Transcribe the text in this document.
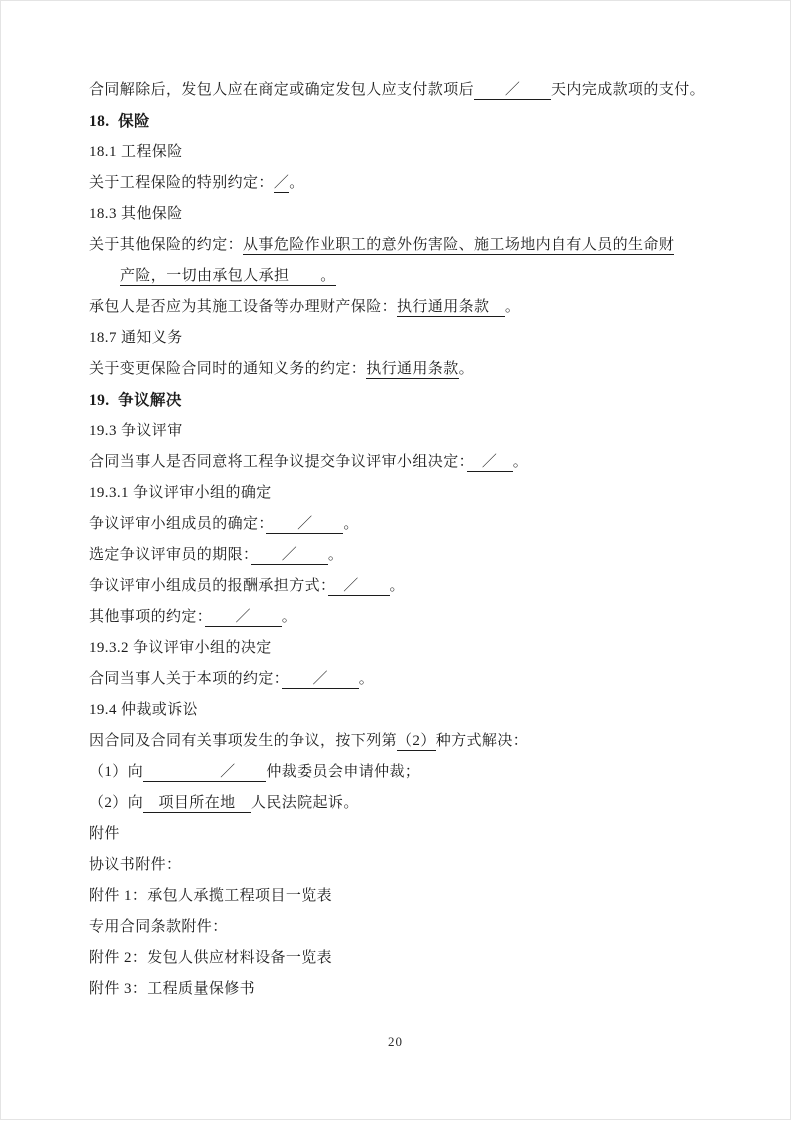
合同解除后，发包人应在商定或确定发包人应支付款项后　　／　　天内完成款项的支付。
18.  保险
18.1 工程保险
关于工程保险的特别约定：／。
18.3 其他保险
关于其他保险的约定：从事危险作业职工的意外伤害险、施工场地内自有人员的生命财
产险，一切由承包人承担　　。
承包人是否应为其施工设备等办理财产保险：执行通用条款　。
18.7 通知义务
关于变更保险合同时的通知义务的约定：执行通用条款。
19.  争议解决
19.3 争议评审
合同当事人是否同意将工程争议提交争议评审小组决定：　／　。
19.3.1 争议评审小组的确定
争议评审小组成员的确定：　　／　　。
选定争议评审员的期限：　　／　　。
争议评审小组成员的报酬承担方式：　／　　。
其他事项的约定：　　／　　。
19.3.2 争议评审小组的决定
合同当事人关于本项的约定：　　／　　。
19.4 仲裁或诉讼
因合同及合同有关事项发生的争议，按下列第（2）种方式解决：
（1）向　　　　　／　　仲裁委员会申请仲裁；
（2）向　项目所在地　人民法院起诉。
附件
协议书附件：
附件 1：承包人承揽工程项目一览表
专用合同条款附件：
附件 2：发包人供应材料设备一览表
附件 3：工程质量保修书
20
